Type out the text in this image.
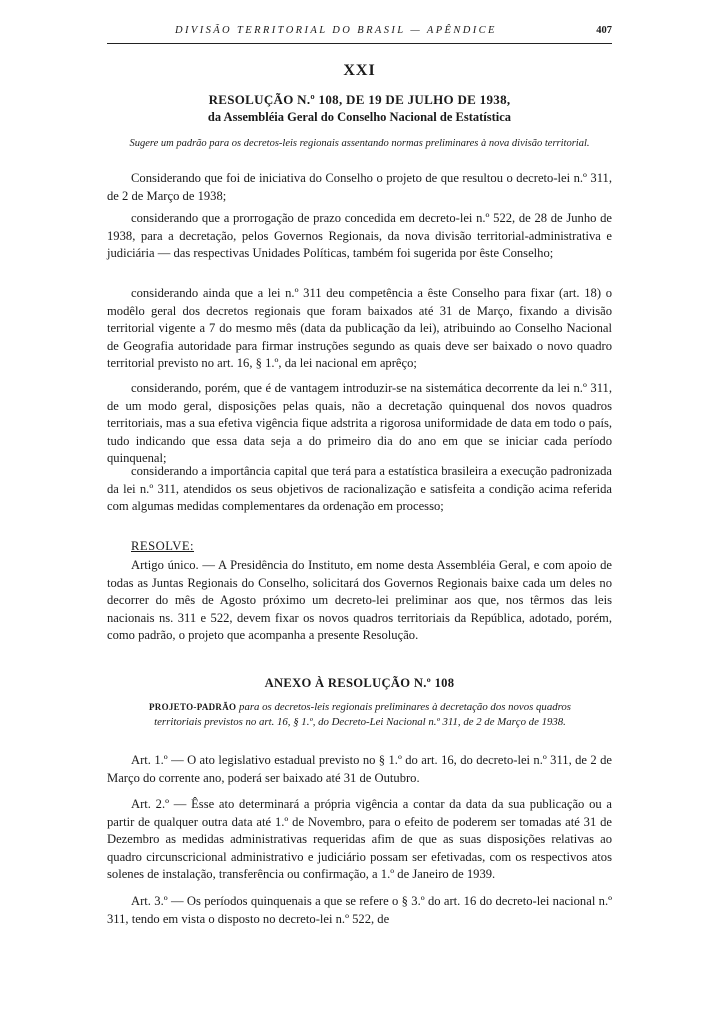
DIVISÃO TERRITORIAL DO BRASIL — APÊNDICE	407
XXI
RESOLUÇÃO N.º 108, DE 19 DE JULHO DE 1938,
da Assembléia Geral do Conselho Nacional de Estatística
Sugere um padrão para os decretos-leis regionais assentando normas preliminares à nova divisão territorial.

Considerando que foi de iniciativa do Conselho o projeto de que resultou o decreto-lei n.º 311, de 2 de Março de 1938;

considerando que a prorrogação de prazo concedida em decreto-lei n.º 522, de 28 de Junho de 1938, para a decretação, pelos Governos Regionais, da nova divisão territorial-administrativa e judiciária — das respectivas Unidades Políticas, também foi sugerida por êste Conselho;

considerando ainda que a lei n.º 311 deu competência a êste Conselho para fixar (art. 18) o modêlo geral dos decretos regionais que foram baixados até 31 de Março, fixando a divisão territorial vigente a 7 do mesmo mês (data da publicação da lei), atribuindo ao Conselho Nacional de Geografia autoridade para firmar instruções segundo as quais deve ser baixado o novo quadro territorial previsto no art. 16, § 1.º, da lei nacional em aprêço;

considerando, porém, que é de vantagem introduzir-se na sistemática decorrente da lei n.º 311, de um modo geral, disposições pelas quais, não a decretação quinquenal dos novos quadros territoriais, mas a sua efetiva vigência fique adstrita a rigorosa uniformidade de data em todo o país, tudo indicando que essa data seja a do primeiro dia do ano em que se iniciar cada período quinquenal;

considerando a importância capital que terá para a estatística brasileira a execução padronizada da lei n.º 311, atendidos os seus objetivos de racionalização e satisfeita a condição acima referida com algumas medidas complementares da ordenação em processo;

RESOLVE:

Artigo único. — A Presidência do Instituto, em nome desta Assembléia Geral, e com apoio de todas as Juntas Regionais do Conselho, solicitará dos Governos Regionais baixe cada um deles no decorrer do mês de Agosto próximo um decreto-lei preliminar aos que, nos têrmos das leis nacionais ns. 311 e 522, devem fixar os novos quadros territoriais da República, adotado, porém, como padrão, o projeto que acompanha a presente Resolução.

ANEXO À RESOLUÇÃO N.º 108
PROJETO-PADRÃO para os decretos-leis regionais preliminares à decretação dos novos quadros territoriais previstos no art. 16, § 1.º, do Decreto-Lei Nacional n.º 311, de 2 de Março de 1938.

Art. 1.º — O ato legislativo estadual previsto no § 1.º do art. 16, do decreto-lei n.º 311, de 2 de Março do corrente ano, poderá ser baixado até 31 de Outubro.

Art. 2.º — Êsse ato determinará a própria vigência a contar da data da sua publicação ou a partir de qualquer outra data até 1.º de Novembro, para o efeito de poderem ser tomadas até 31 de Dezembro as medidas administrativas requeridas afim de que as suas disposições relativas ao quadro circunscricional administrativo e judiciário possam ser efetivadas, com os respectivos atos solenes de instalação, transferência ou confirmação, a 1.º de Janeiro de 1939.

Art. 3.º — Os períodos quinquenais a que se refere o § 3.º do art. 16 do decreto-lei nacional n.º 311, tendo em vista o disposto no decreto-lei n.º 522, de
